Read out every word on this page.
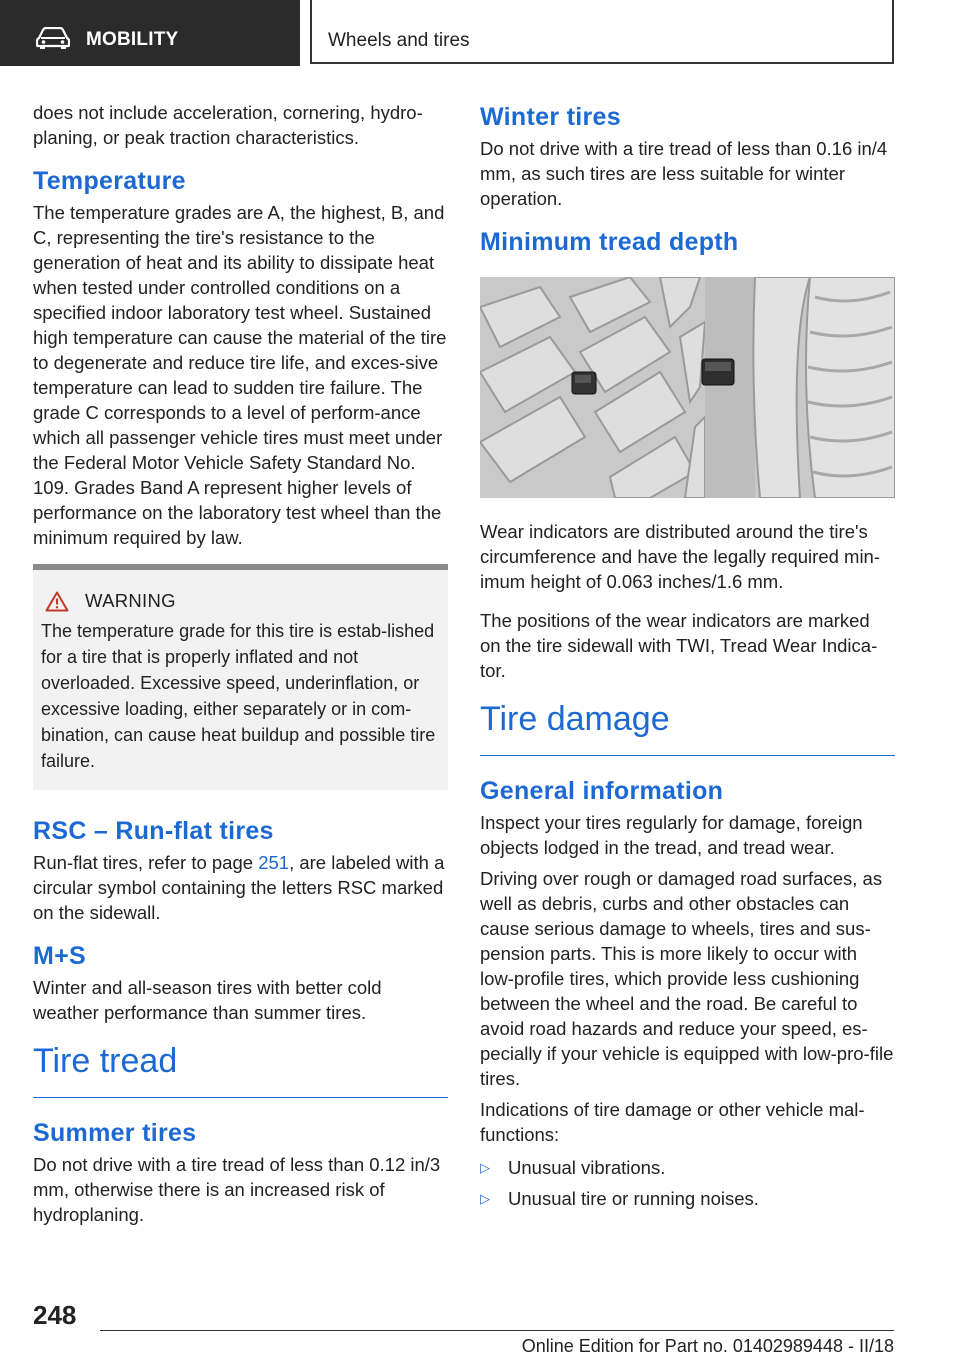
MOBILITY	Wheels and tires

does not include acceleration, cornering, hydro‐planing, or peak traction characteristics.

Temperature

The temperature grades are A, the highest, B, and C, representing the tire's resistance to the generation of heat and its ability to dissipate heat when tested under controlled conditions on a specified indoor laboratory test wheel. Sustained high temperature can cause the material of the tire to degenerate and reduce tire life, and exces‐sive temperature can lead to sudden tire failure. The grade C corresponds to a level of perform‐ance which all passenger vehicle tires must meet under the Federal Motor Vehicle Safety Standard No. 109. Grades Band A represent higher levels of performance on the laboratory test wheel than the minimum required by law.

WARNING

The temperature grade for this tire is estab‐lished for a tire that is properly inflated and not overloaded. Excessive speed, underinflation, or excessive loading, either separately or in com‐bination, can cause heat buildup and possible tire failure.

RSC – Run-flat tires

Run-flat tires, refer to page 251, are labeled with a circular symbol containing the letters RSC marked on the sidewall.

M+S

Winter and all-season tires with better cold weather performance than summer tires.

Tire tread
Summer tires

Do not drive with a tire tread of less than 0.12 in/3 mm, otherwise there is an increased risk of hydroplaning.

Winter tires

Do not drive with a tire tread of less than 0.16 in/4 mm, as such tires are less suitable for winter operation.

Minimum tread depth

Wear indicators are distributed around the tire's circumference and have the legally required min‐imum height of 0.063 inches/1.6 mm.

The positions of the wear indicators are marked on the tire sidewall with TWI, Tread Wear Indica‐tor.

Tire damage
General information

Inspect your tires regularly for damage, foreign objects lodged in the tread, and tread wear.

Driving over rough or damaged road surfaces, as well as debris, curbs and other obstacles can cause serious damage to wheels, tires and sus‐pension parts. This is more likely to occur with low-profile tires, which provide less cushioning between the wheel and the road. Be careful to avoid road hazards and reduce your speed, es‐pecially if your vehicle is equipped with low-pro‐file tires.

Indications of tire damage or other vehicle mal‐functions:

▷ Unusual vibrations.
▷ Unusual tire or running noises.
248
Online Edition for Part no. 01402989448 - II/18
